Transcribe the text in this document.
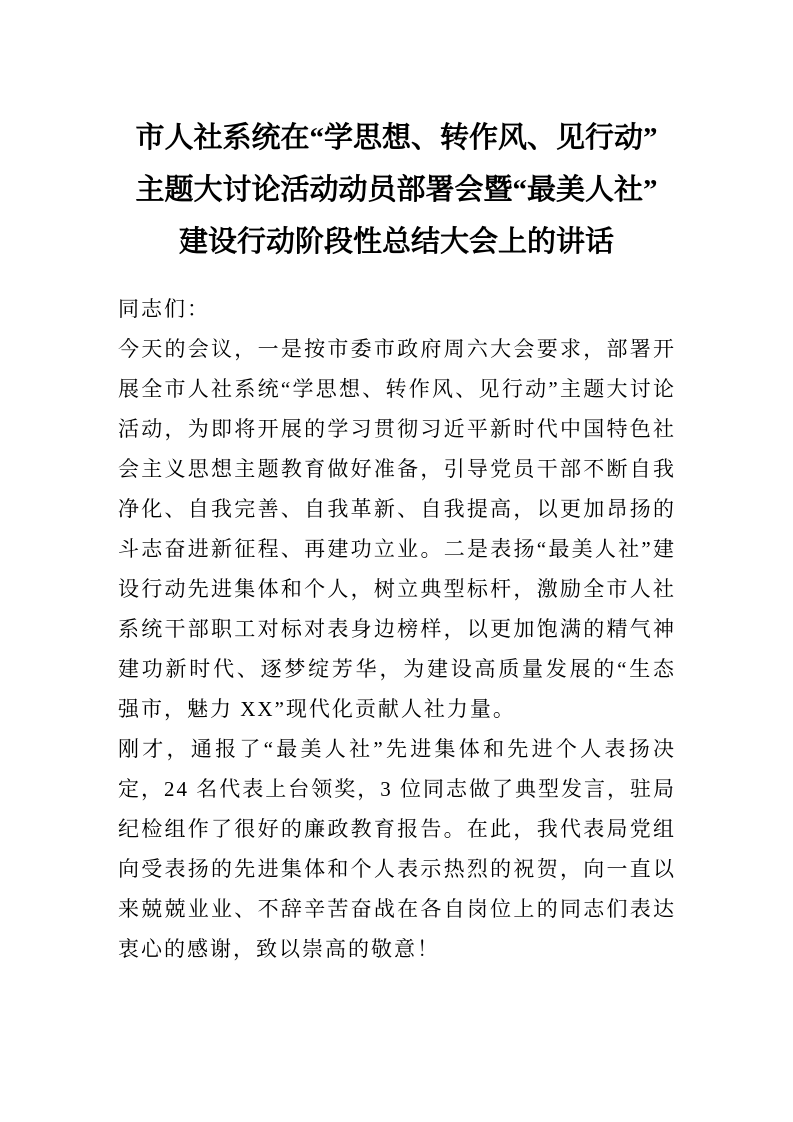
市人社系统在“学思想、转作风、见行动”
主题大讨论活动动员部署会暨“最美人社”
建设行动阶段性总结大会上的讲话

同志们：

今天的会议，一是按市委市政府周六大会要求，部署开展全市人社系统“学思想、转作风、见行动”主题大讨论活动，为即将开展的学习贯彻习近平新时代中国特色社会主义思想主题教育做好准备，引导党员干部不断自我净化、自我完善、自我革新、自我提高，以更加昂扬的斗志奋进新征程、再建功立业。二是表扬“最美人社”建设行动先进集体和个人，树立典型标杆，激励全市人社系统干部职工对标对表身边榜样，以更加饱满的精气神建功新时代、逐梦绽芳华，为建设高质量发展的“生态强市，魅力 XX”现代化贡献人社力量。

刚才，通报了“最美人社”先进集体和先进个人表扬决定，24 名代表上台领奖，3 位同志做了典型发言，驻局纪检组作了很好的廉政教育报告。在此，我代表局党组向受表扬的先进集体和个人表示热烈的祝贺，向一直以来兢兢业业、不辞辛苦奋战在各自岗位上的同志们表达衷心的感谢，致以崇高的敬意！
